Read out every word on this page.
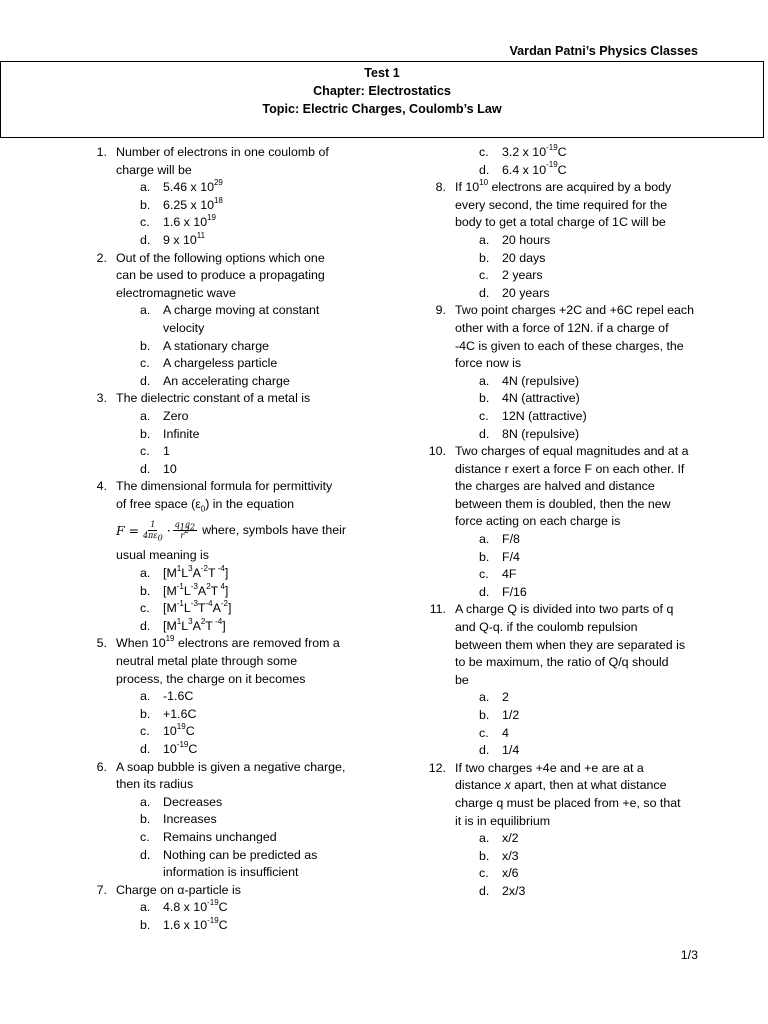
Vardan Patni’s Physics Classes
Test 1
Chapter: Electrostatics
Topic: Electric Charges, Coulomb’s Law
1. Number of electrons in one coulomb of
charge will be
a. 5.46 x $10^{29}$
b. 6.25 x $10^{18}$
c. 1.6 x $10^{19}$
d. 9 x $10^{11}$
2. Out of the following options which one
can be used to produce a propagating
electromagnetic wave
a. A charge moving at constant
velocity
b. A stationary charge
c. A chargeless particle
d. An accelerating charge
3. The dielectric constant of a metal is
a. Zero
b. Infinite
c. 1
d. 10
4. The dimensional formula for permittivity
of free space $(\varepsilon_0)$ in the equation
F
= $\frac{1}{4\pi\varepsilon_0} \cdot \frac{q_1q_2}{r^2}$ where, symbols have their
usual meaning is
a. [$M^1L^3A^{-2}T$ $^{-4}$]
b. [$M^{-1}L^{-3}A^2T$ $^4$]
c. $[M^{-1}L^{-3}T^{-4}A^{-2}]$
d. [$M^1L^3A^2T$ $^{-4}$]
5. When $10^{19}$ electrons are removed from a
neutral metal plate through some
process, the charge on it becomes
a. -1.6C
b. +1.6C
c. $10^{19}C$
d. $10^{-19}C$
6. A soap bubble is given a negative charge,
then its radius
a. Decreases
b. Increases
c. Remains unchanged
d. Nothing can be predicted as
information is insufficient
7. Charge on α-particle is
a. 4.8 x $10^{-19}C$
b. 1.6 x $10^{-19}C$
c. 3.2 x $10^{-19}C$
d. 6.4 x $10^{-19}C$
8. If $10^{10}$ electrons are acquired by a body
every second, the time required for the
body to get a total charge of 1C will be
a. 20 hours
b. 20 days
c. 2 years
d. 20 years
9. Two point charges +2C and +6C repel each
other with a force of 12N. if a charge of
-4C is given to each of these charges, the
force now is
a. 4N (repulsive)
b. 4N (attractive)
c. 12N (attractive)
d. 8N (repulsive)
10. Two charges of equal magnitudes and at a
distance r exert a force F on each other. If
the charges are halved and distance
between them is doubled, then the new
force acting on each charge is
a. F/8
b. F/4
c. 4F
d. F/16
11. A charge Q is divided into two parts of q
and Q-q. if the coulomb repulsion
between them when they are separated is
to be maximum, the ratio of Q/q should
be
a. 2
b. 1/2
c. 4
d. 1/4
12. If two charges +4e and +e are at a
distance x apart, then at what distance
charge q must be placed from +e, so that
it is in equilibrium
a. x/2
b. x/3
c. x/6
d. 2x/3
1/3
